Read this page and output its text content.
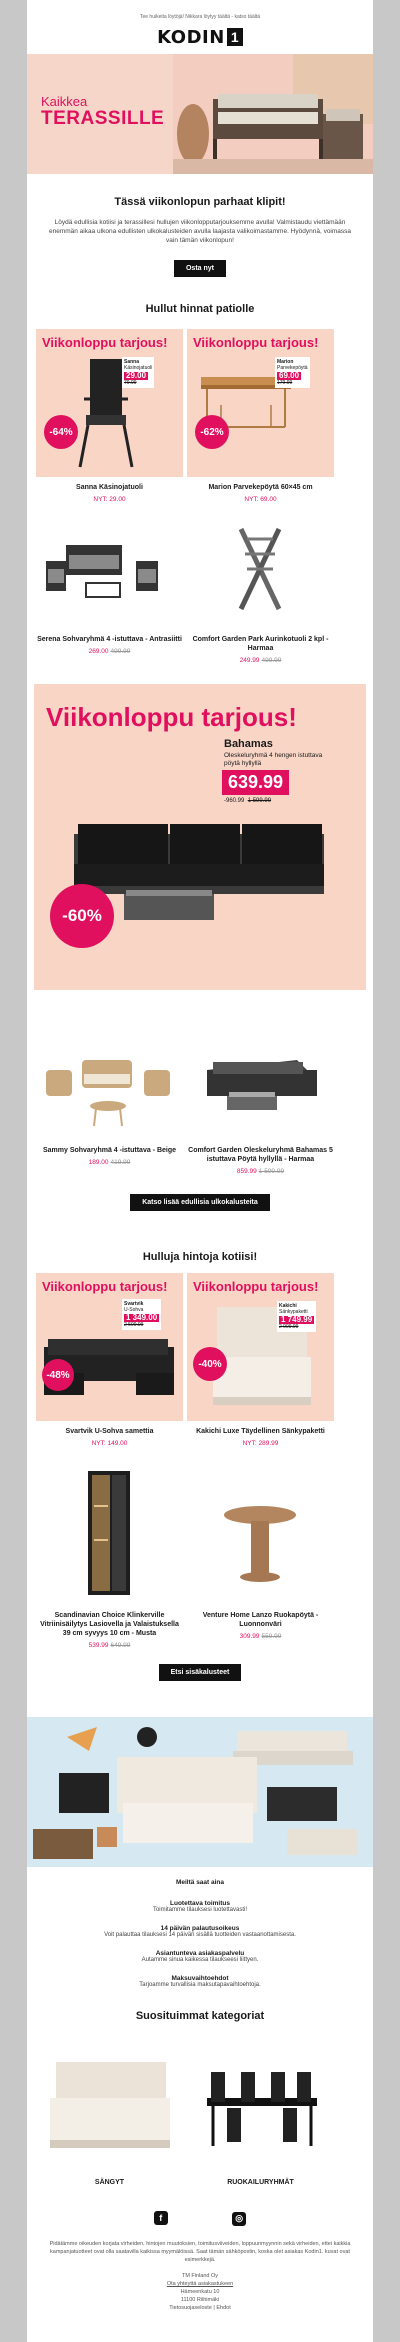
Tee huikeita löytöjä! Nikkara löytyy täältä - katso täältä
KODIN 1
Kaikkea
TERASSILLE
Tässä viikonlopun parhaat klipit!
Löydä edullisia kotiisi ja terassillesi hullujen viikonlopputarjouksemme avulla! Valmistaudu viettämään enemmän aikaa ulkona edullisten ulkokalusteiden avulla laajasta valikoimastamme. Hyödynnä, voimassa vain tämän viikonlopun!
Osta nyt
Hullut hinnat patiolle
Viikonloppu tarjous!
Sanna
Käsinojatuoli
29.00
79.99
-64%
Sanna Käsinojatuoli
NYT: 29.00
Viikonloppu tarjous!
Marion
Parvekepöytä
69.00
179.99
-62%
Marion Parvekepöytä 60×45 cm
NYT: 69.00
Serena Sohvaryhmä 4 -istuttava - Antrasiitti
269.00 499.99
Comfort Garden Park Aurinkotuoli 2 kpl - Harmaa
249.99 499.99
Viikonloppu tarjous!
Bahamas
Oleskeluryhmä 4 hengen istuttava pöytä hyllyllä
639.99
-960.99 1 599.99
-60%
Sammy Sohvaryhmä 4 -istuttava - Beige
189.00 419.99
Comfort Garden Oleskeluryhmä Bahamas 5 istuttava Pöytä hyllyllä - Harmaa
859.99 1 599.99
Katso lisää edullisia ulkokalusteita
Hulluja hintoja kotiisi!
Viikonloppu tarjous!
Svartvik
U-Sohva
1 349.00
2 599.99
-48%
Svartvik U-Sohva samettia
NYT: 149.00
Viikonloppu tarjous!
Kakichi
Sänkypaketti
1 749.99
2 999.99
-40%
Kakichi Luxe Täydellinen Sänkypaketti
NYT: 289.99
Scandinavian Choice Klinkerville Vitriinisäilytys Lasiovella ja Valaistuksella 39 cm syvyys 10 cm - Musta
539.99 649.99
Venture Home Lanzo Ruokapöytä - Luonnonväri
309.99 559.99
Etsi sisäkalusteet
Meiltä saat aina
Luotettava toimitus
Toimitamme tilauksesi luotettavasti!
14 päivän palautusoikeus
Voit palauttaa tilauksesi 14 päivän sisällä tuotteiden vastaanottamisesta.
Asiantunteva asiakaspalvelu
Autamme sinua kaikessa tilaukseesi liittyen.
Maksuvaihtoehdot
Tarjoamme turvallisia maksutapavaihtoehtoja.
Suosituimmat kategoriat
SÄNGYT	RUOKAILURYHMÄT
f	◎
Pidätämme oikeuden korjata virheiden, hintojen muutoksien, toimitusviiveiden, loppuunmyynnin sekä virheiden, ettei kaikkia kampanjatuotteet ovat olla saatavilla kaikissa myymälöissä. Saat tämän sähköpostin, koska olet asiakas Kodin1. kuvat ovat esimerkkejä.
TM Finland Oy
Ota yhteyttä asiakastukeen
Hämeenkatu 10
11100 Riihimäki
Tietosuojaseloste | Ehdot
